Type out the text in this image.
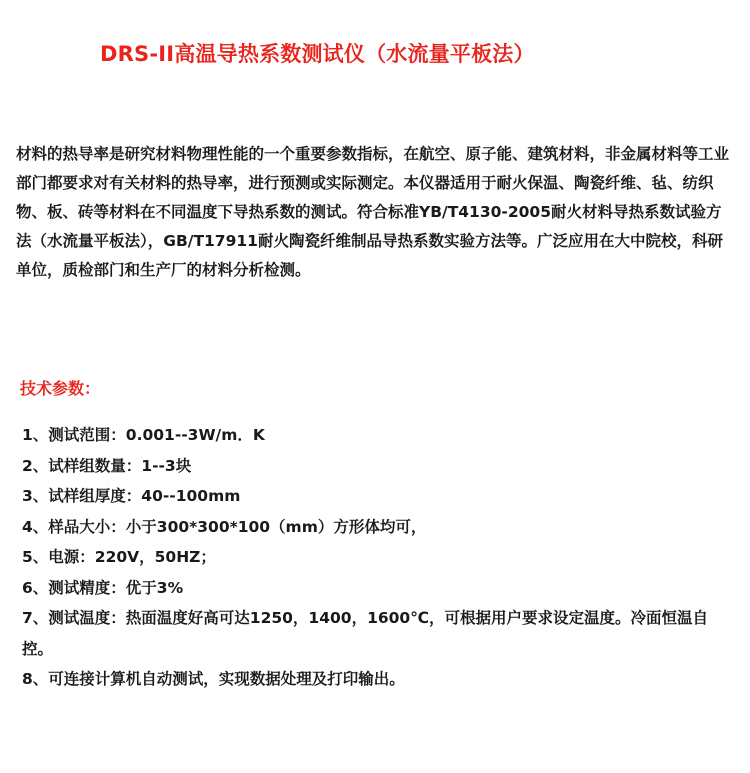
DRS-II高温导热系数测试仪（水流量平板法）

材料的热导率是研究材料物理性能的一个重要参数指标，在航空、原子能、建筑材料，非金属材料等工业部门都要求对有关材料的热导率，进行预测或实际测定。本仪器适用于耐火保温、陶瓷纤维、毡、纺织物、板、砖等材料在不同温度下导热系数的测试。符合标准YB/T4130-2005耐火材料导热系数试验方法（水流量平板法），GB/T17911耐火陶瓷纤维制品导热系数实验方法等。广泛应用在大中院校，科研单位，质检部门和生产厂的材料分析检测。

技术参数：
1、测试范围：0.001--3W/m．K
2、试样组数量：1--3块
3、试样组厚度：40--100mm
4、样品大小：小于300*300*100（mm）方形体均可，
5、电源：220V，50HZ；
6、测试精度：优于3%
7、测试温度：热面温度好高可达1250，1400，1600℃，可根据用户要求设定温度。冷面恒温自控。
8、可连接计算机自动测试，实现数据处理及打印输出。
